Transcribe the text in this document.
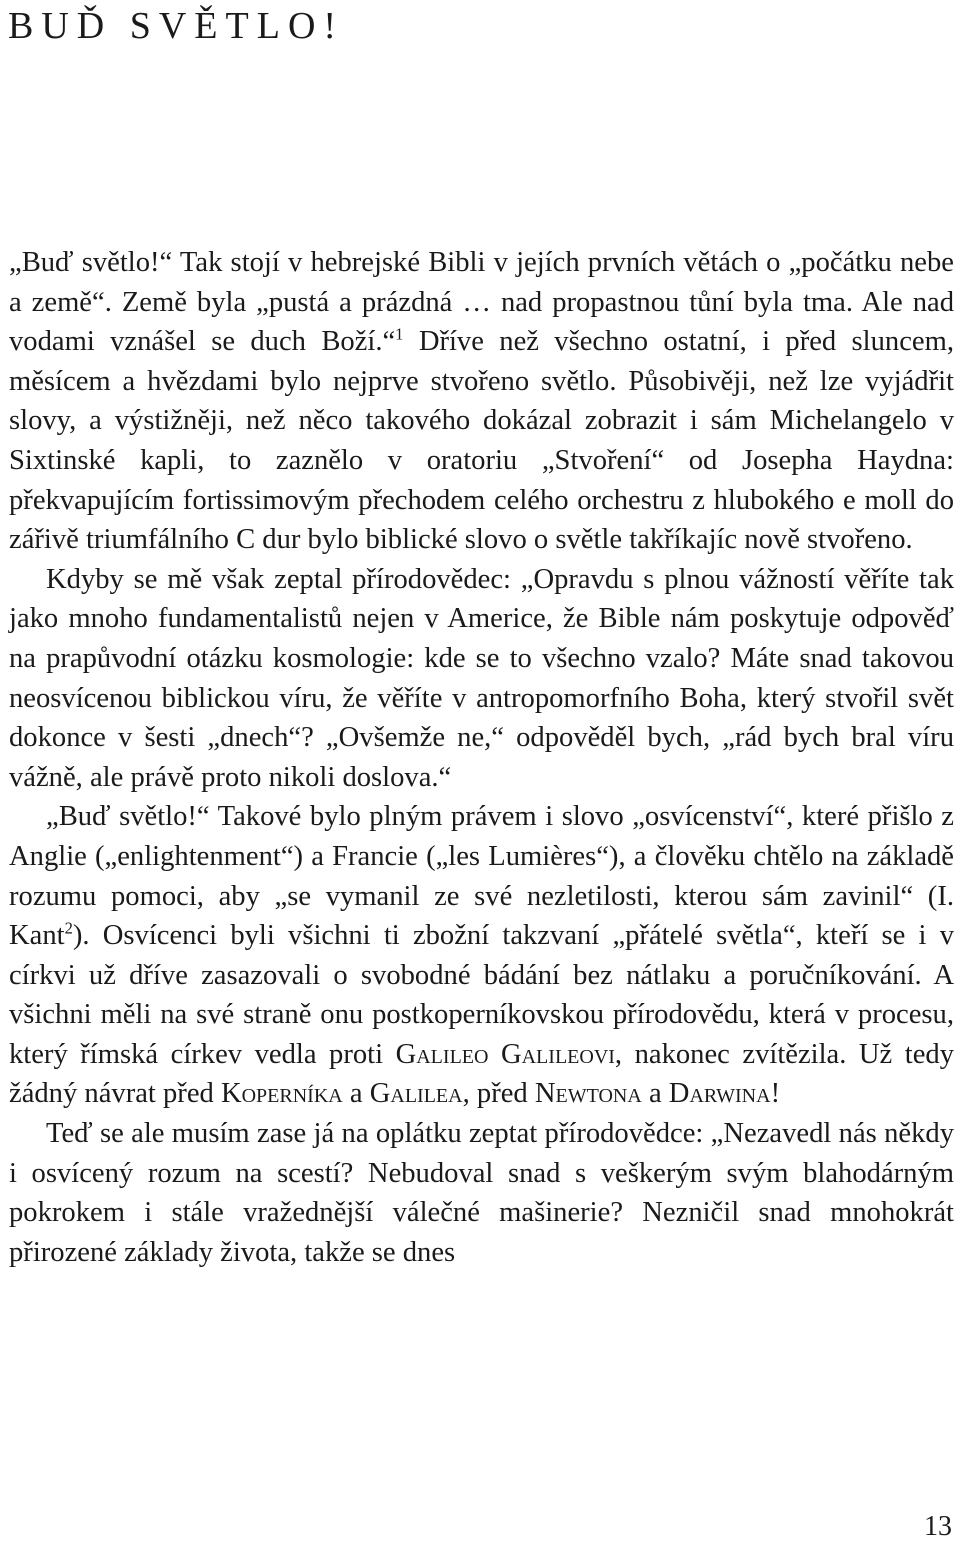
BUĎ SVĚTLO!

„Buď světlo!“ Tak stojí v hebrejské Bibli v jejích prvních větách o „počátku nebe a země“. Země byla „pustá a prázdná … nad propastnou tůní byla tma. Ale nad vodami vznášel se duch Boží.“$^1$ Dříve než všechno ostatní, i před sluncem, měsícem a hvězdami bylo nejprve stvořeno světlo. Působivěji, než lze vyjádřit slovy, a výstižněji, než něco takového dokázal zobrazit i sám Michelangelo v Sixtinské kapli, to zaznělo v oratoriu „Stvoření“ od Josepha Haydna: překvapujícím fortissimovým přechodem celého orchestru z hlubokého e moll do zářivě triumfálního C dur bylo biblické slovo o světle takříkajíc nově stvořeno.

Kdyby se mě však zeptal přírodovědec: „Opravdu s plnou vážností věříte tak jako mnoho fundamentalistů nejen v Americe, že Bible nám poskytuje odpověď na prapůvodní otázku kosmologie: kde se to všechno vzalo? Máte snad takovou neosvícenou biblickou víru, že věříte v antropomorfního Boha, který stvořil svět dokonce v šesti „dnech“? „Ovšemže ne,“ odpověděl bych, „rád bych bral víru vážně, ale právě proto nikoli doslova.“

„Buď světlo!“ Takové bylo plným právem i slovo „osvícenství“, které přišlo z Anglie („enlightenment“) a Francie („les Lumières“), a člověku chtělo na základě rozumu pomoci, aby „se vymanil ze své nezletilosti, kterou sám zavinil“ (I. Kant$^2$). Osvícenci byli všichni ti zbožní takzvaní „přátelé světla“, kteří se i v církvi už dříve zasazovali o svobodné bádání bez nátlaku a poručníkování. A všichni měli na své straně onu postkoperníkovskou přírodovědu, která v procesu, který římská církev vedla proti Galileo Galileovi, nakonec zvítězila. Už tedy žádný návrat před Koperníka a Galilea, před Newtona a Darwina!

Teď se ale musím zase já na oplátku zeptat přírodovědce: „Nezavedl nás někdy i osvícený rozum na scestí? Nebudoval snad s veškerým svým blahodárným pokrokem i stále vražednější válečné mašinerie? Nezničil snad mnohokrát přirozené základy života, takže se dnes

13
